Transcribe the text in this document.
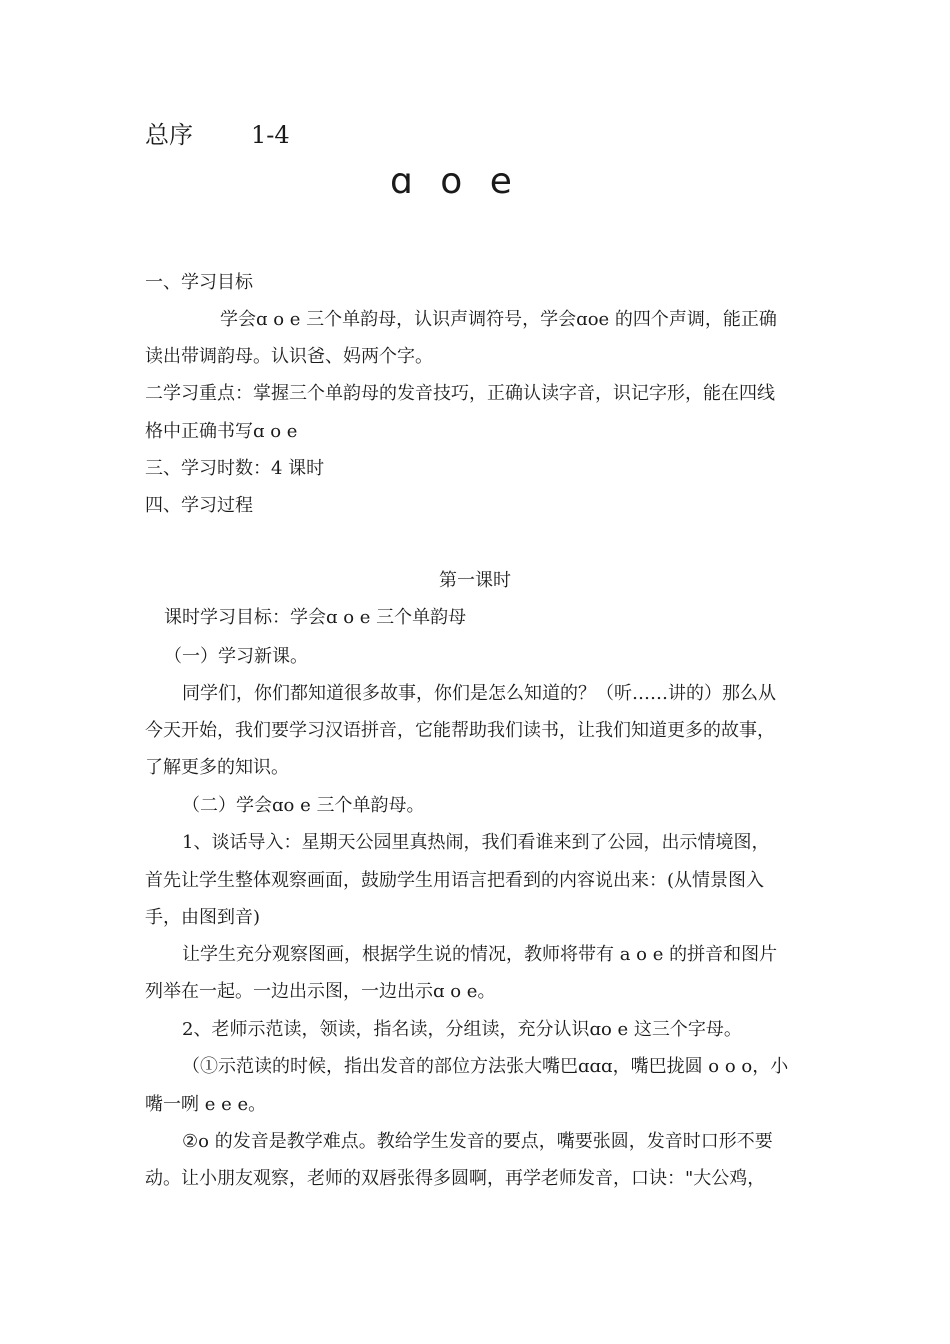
总序 1-4
ɑ o e
一、学习目标
学会ɑ o e 三个单韵母，认识声调符号，学会ɑoe 的四个声调，能正确
读出带调韵母。认识爸、妈两个字。
二学习重点：掌握三个单韵母的发音技巧，正确认读字音，识记字形，能在四线
格中正确书写ɑ o e
三、学习时数：4 课时
四、学习过程
第一课时
课时学习目标：学会ɑ o e 三个单韵母
（一）学习新课。
同学们，你们都知道很多故事，你们是怎么知道的？（听……讲的）那么从
今天开始，我们要学习汉语拼音，它能帮助我们读书，让我们知道更多的故事，
了解更多的知识。
（二）学会ɑo e 三个单韵母。
1、谈话导入：星期天公园里真热闹，我们看谁来到了公园，出示情境图，
首先让学生整体观察画面，鼓励学生用语言把看到的内容说出来：(从情景图入
手，由图到音)
让学生充分观察图画，根据学生说的情况，教师将带有 a o e 的拼音和图片
列举在一起。一边出示图，一边出示ɑ o e。
2、老师示范读，领读，指名读，分组读，充分认识ɑo e 这三个字母。
（①示范读的时候，指出发音的部位方法张大嘴巴ɑɑɑ，嘴巴拢圆 o o o，小
嘴一咧 e e e。
②o 的发音是教学难点。教给学生发音的要点，嘴要张圆，发音时口形不要
动。让小朋友观察，老师的双唇张得多圆啊，再学老师发音，口诀："大公鸡，
